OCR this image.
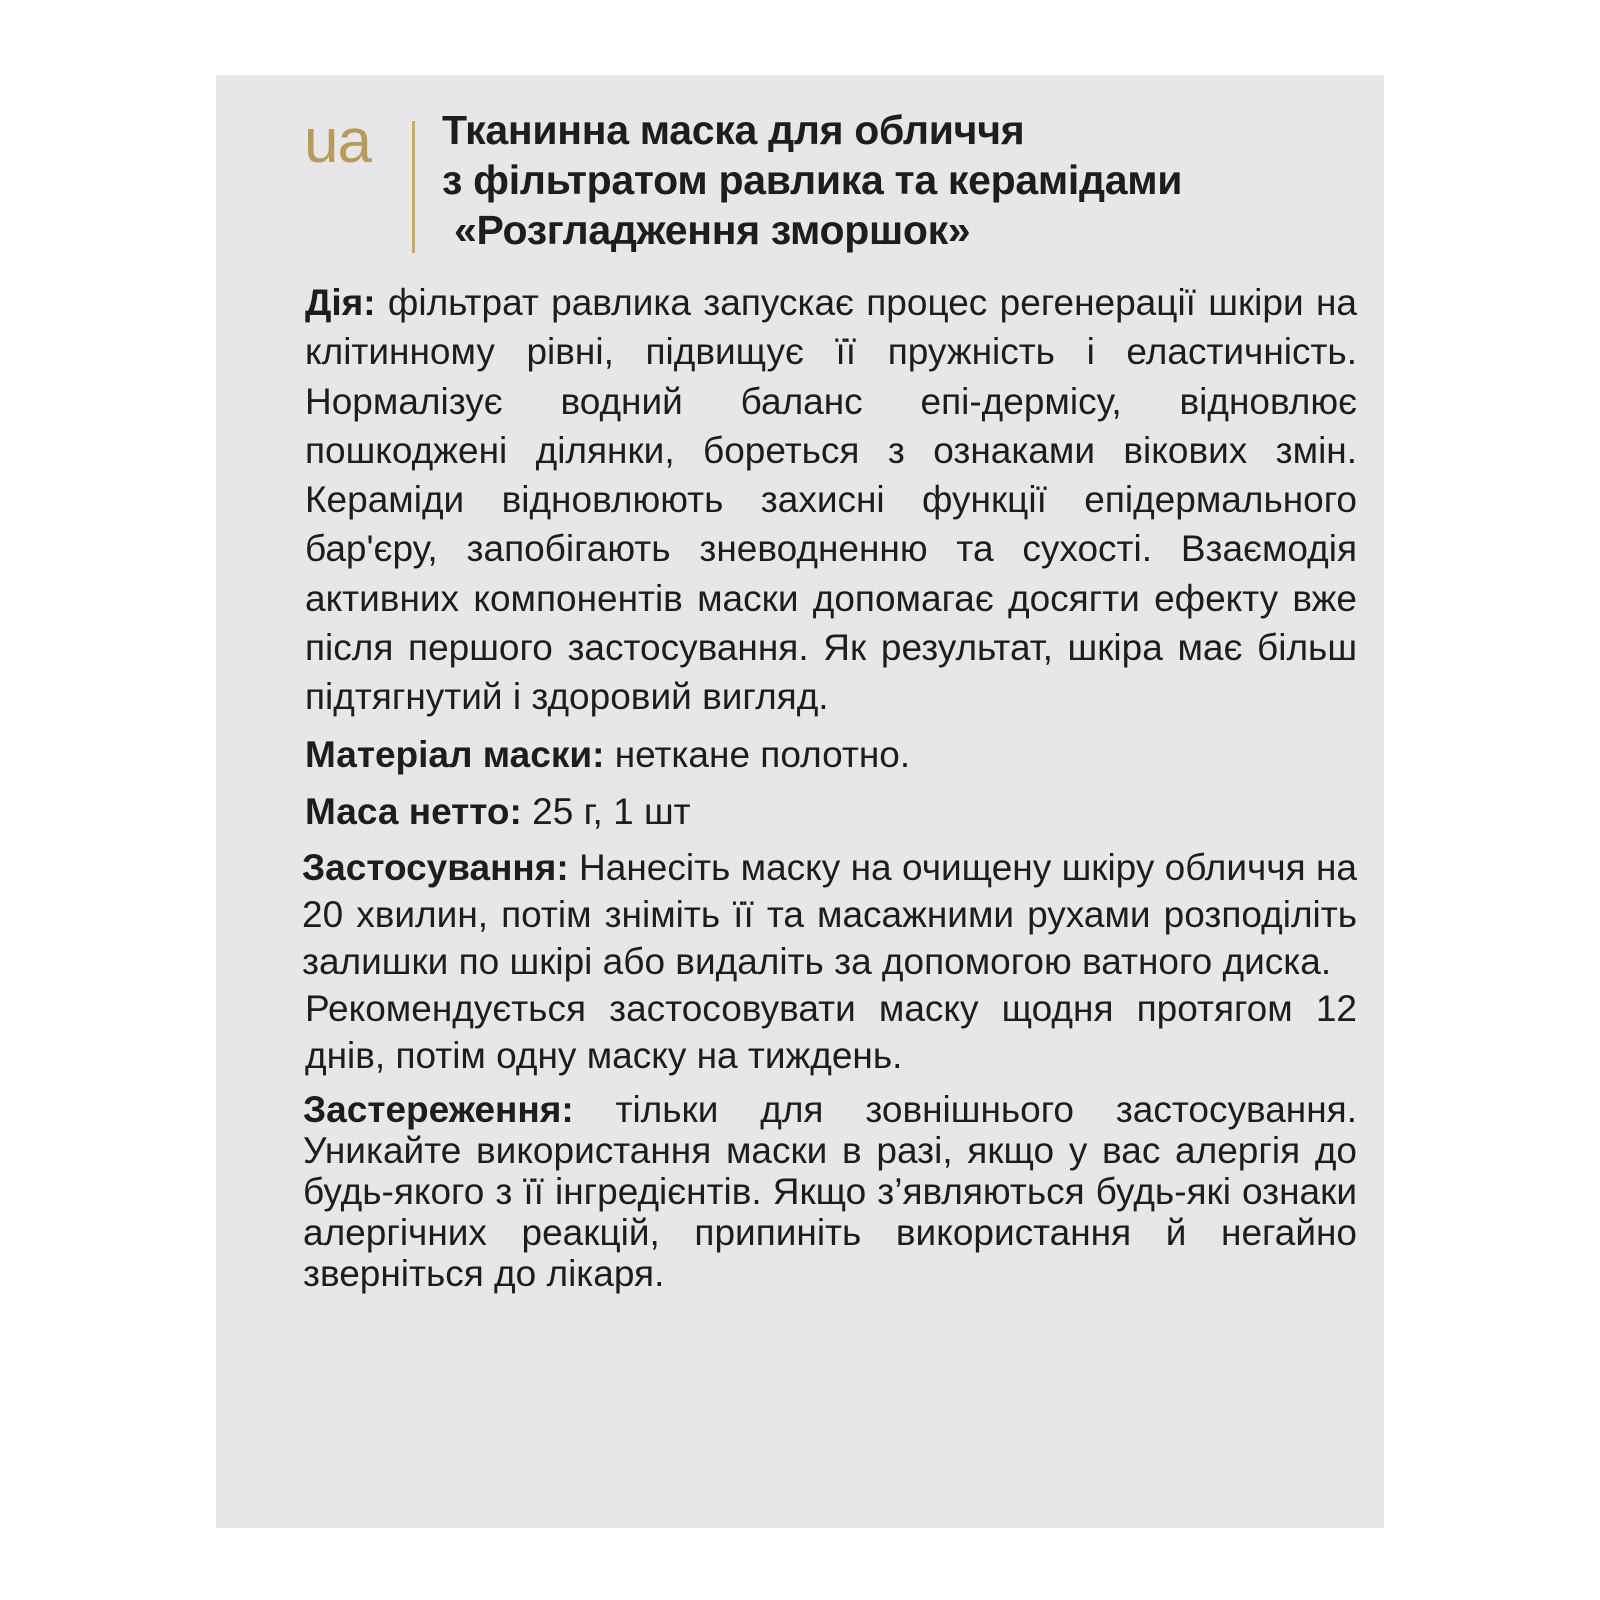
ua Тканинна маска для обличчя
з фільтратом равлика та керамідами
«Розгладження зморшок»

Дія: фільтрат равлика запускає процес регенерації шкіри на клітинному рівні, підвищує її пружність і еластичність. Нормалізує водний баланс епі-дермісу, відновлює пошкоджені ділянки, бореться з ознаками вікових змін. Кераміди відновлюють захисні функції епідермального бар'єру, запобігають зневодненню та сухості. Взаємодія активних компонентів маски допомагає досягти ефекту вже після першого застосування. Як результат, шкіра має більш підтягнутий і здоровий вигляд.

Матеріал маски: нетканe полотно.

Маса нетто: 25 г, 1 шт

Застосування: Нанесіть маску на очищену шкіру обличчя на 20 хвилин, потім зніміть її та масажними рухами розподіліть залишки по шкірі або видаліть за допомогою ватного диска.

Рекомендується застосовувати маску щодня протягом 12 днів, потім одну маску на тиждень.

Застереження: тільки для зовнішнього застосування. Уникайте використання маски в разі, якщо у вас алергія до будь-якого з її інгредієнтів. Якщо з’являються будь-які ознаки алергічних реакцій, припиніть використання й негайно зверніться до лікаря.
